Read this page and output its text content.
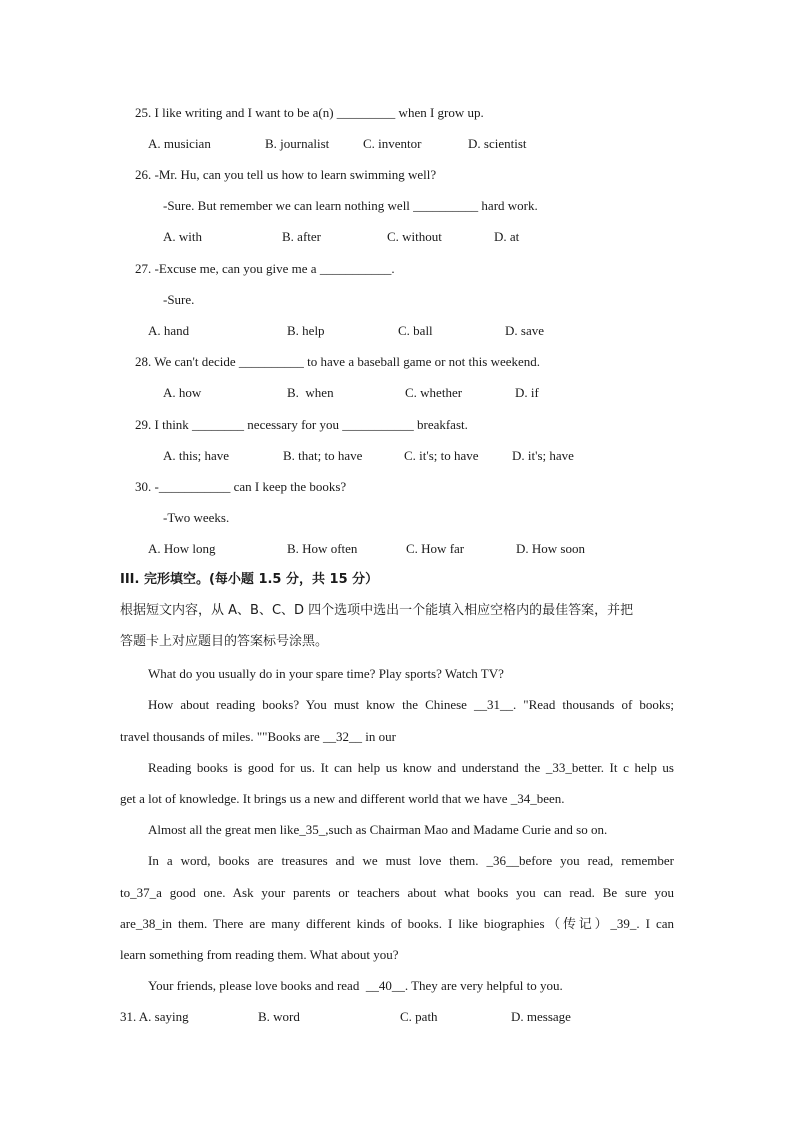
25. I like writing and I want to be a(n) _________ when I grow up.
A. musician	B. journalist	C. inventor	D. scientist
26. -Mr. Hu, can you tell us how to learn swimming well?
-Sure. But remember we can learn nothing well __________ hard work.
A. with	B. after	C. without	D. at
27. -Excuse me, can you give me a ___________.
-Sure.
A. hand	B. help	C. ball	D. save
28. We can't decide __________ to have a baseball game or not this weekend.
A. how	B.  when	C. whether	D. if
29. I think ________ necessary for you ___________ breakfast.
A. this; have	B. that; to have	C. it's; to have	D. it's; have
30. -___________ can I keep the books?
-Two weeks.
A. How long	B. How often	C. How far	D. How soon
III. 完形填空。(每小题 1.5 分，共 15 分）
根据短文内容，从 A、B、C、D 四个选项中选出一个能填入相应空格内的最佳答案，并把
答题卡上对应题目的答案标号涂黑。
What do you usually do in your spare time? Play sports? Watch TV?
How about reading books? You must know the Chinese __31__. "Read thousands of books;
travel thousands of miles. ""Books are __32__ in our
Reading books is good for us. It can help us know and understand the _33_better. It c help us
get a lot of knowledge. It brings us a new and different world that we have _34_been.
Almost all the great men like_35_,such as Chairman Mao and Madame Curie and so on.
In a word, books are treasures and we must love them. _36__before you read, remember
to_37_a good one. Ask your parents or teachers about what books you can read. Be sure you
are_38_in them. There are many different kinds of books. I like biographies（传记）_39_. I can
learn something from reading them. What about you?
Your friends, please love books and read  __40__. They are very helpful to you.
31. A. saying	B. word	C. path	D. message
